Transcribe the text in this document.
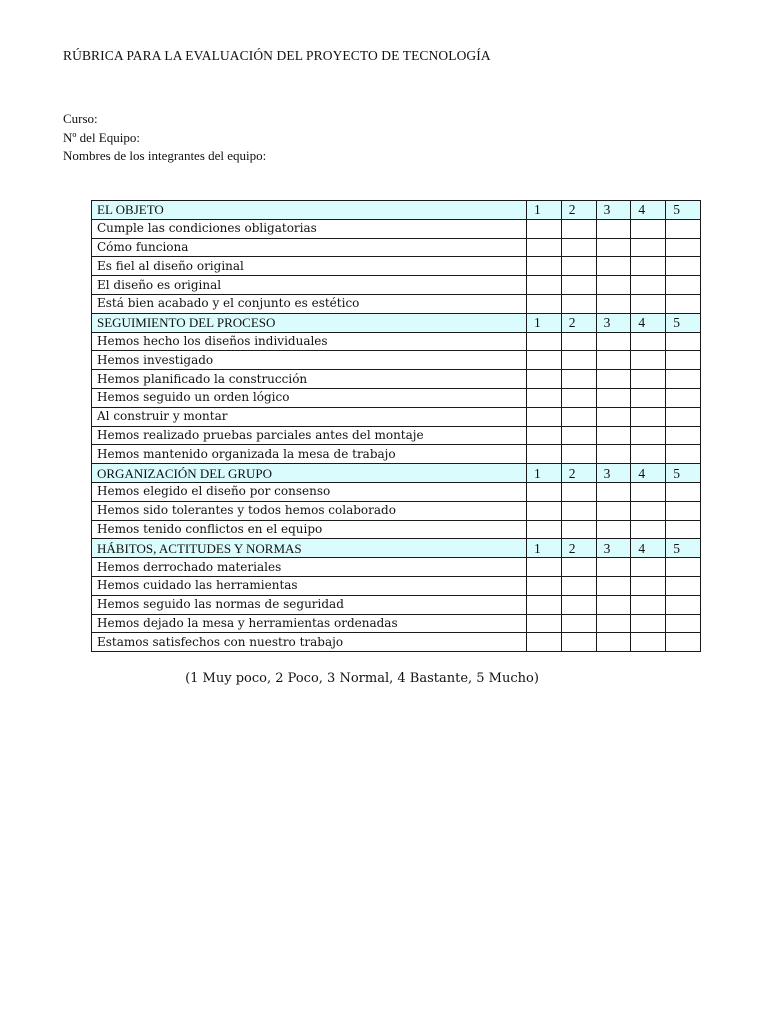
RÚBRICA PARA LA EVALUACIÓN DEL PROYECTO DE TECNOLOGÍA
Curso:
Nº del Equipo:
Nombres de los integrantes del equipo:
EL OBJETO	1	2	3	4	5
Cumple las condiciones obligatorias					
Cómo funciona					
Es fiel al diseño original					
El diseño es original					
Está bien acabado y el conjunto es estético					
SEGUIMIENTO DEL PROCESO	1	2	3	4	5
Hemos hecho los diseños individuales					
Hemos investigado					
Hemos planificado la construcción					
Hemos seguido un orden lógico					
Al construir y montar					
Hemos realizado pruebas parciales antes del montaje					
Hemos mantenido organizada la mesa de trabajo					
ORGANIZACIÓN DEL GRUPO	1	2	3	4	5
Hemos elegido el diseño por consenso					
Hemos sido tolerantes y todos hemos colaborado					
Hemos tenido conflictos en el equipo					
HÁBITOS, ACTITUDES Y NORMAS	1	2	3	4	5
Hemos derrochado materiales					
Hemos cuidado las herramientas					
Hemos seguido las normas de seguridad					
Hemos dejado la mesa y herramientas ordenadas					
Estamos satisfechos con nuestro trabajo					
(1 Muy poco, 2 Poco, 3 Normal, 4 Bastante, 5 Mucho)
